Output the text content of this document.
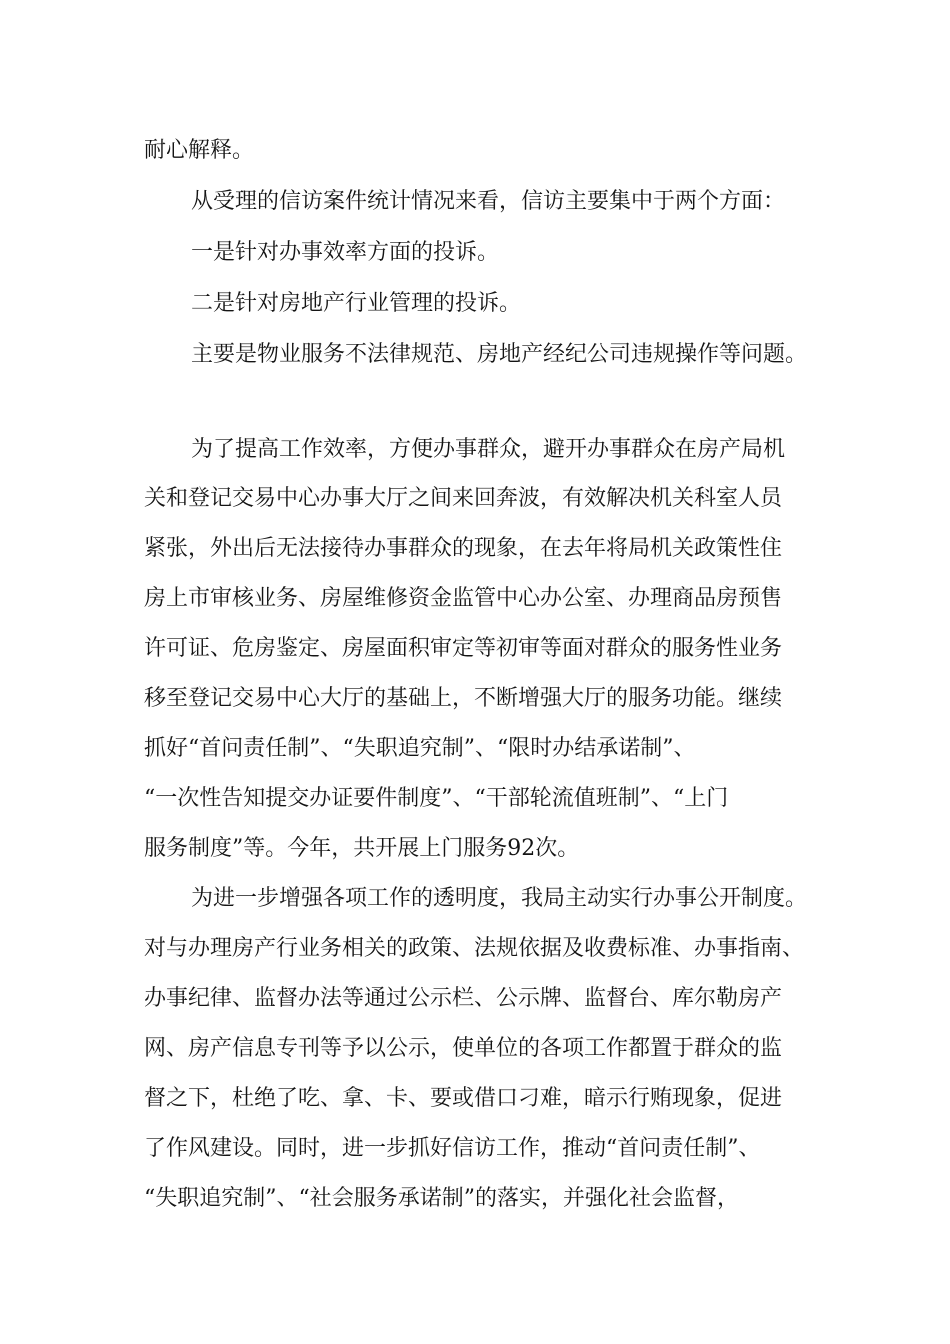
耐心解释。

从受理的信访案件统计情况来看，信访主要集中于两个方面：

一是针对办事效率方面的投诉。

二是针对房地产行业管理的投诉。

主要是物业服务不法律规范、房地产经纪公司违规操作等问题。

为了提高工作效率，方便办事群众，避开办事群众在房产局机

关和登记交易中心办事大厅之间来回奔波，有效解决机关科室人员

紧张，外出后无法接待办事群众的现象，在去年将局机关政策性住

房上市审核业务、房屋维修资金监管中心办公室、办理商品房预售

许可证、危房鉴定、房屋面积审定等初审等面对群众的服务性业务

移至登记交易中心大厅的基础上，不断增强大厅的服务功能。继续

抓好“首问责任制”、“失职追究制”、“限时办结承诺制”、

“一次性告知提交办证要件制度”、“干部轮流值班制”、“上门

服务制度”等。今年，共开展上门服务92次。

为进一步增强各项工作的透明度，我局主动实行办事公开制度。

对与办理房产行业务相关的政策、法规依据及收费标准、办事指南、

办事纪律、监督办法等通过公示栏、公示牌、监督台、库尔勒房产

网、房产信息专刊等予以公示，使单位的各项工作都置于群众的监

督之下，杜绝了吃、拿、卡、要或借口刁难，暗示行贿现象，促进

了作风建设。同时，进一步抓好信访工作，推动“首问责任制”、

“失职追究制”、“社会服务承诺制”的落实，并强化社会监督，
